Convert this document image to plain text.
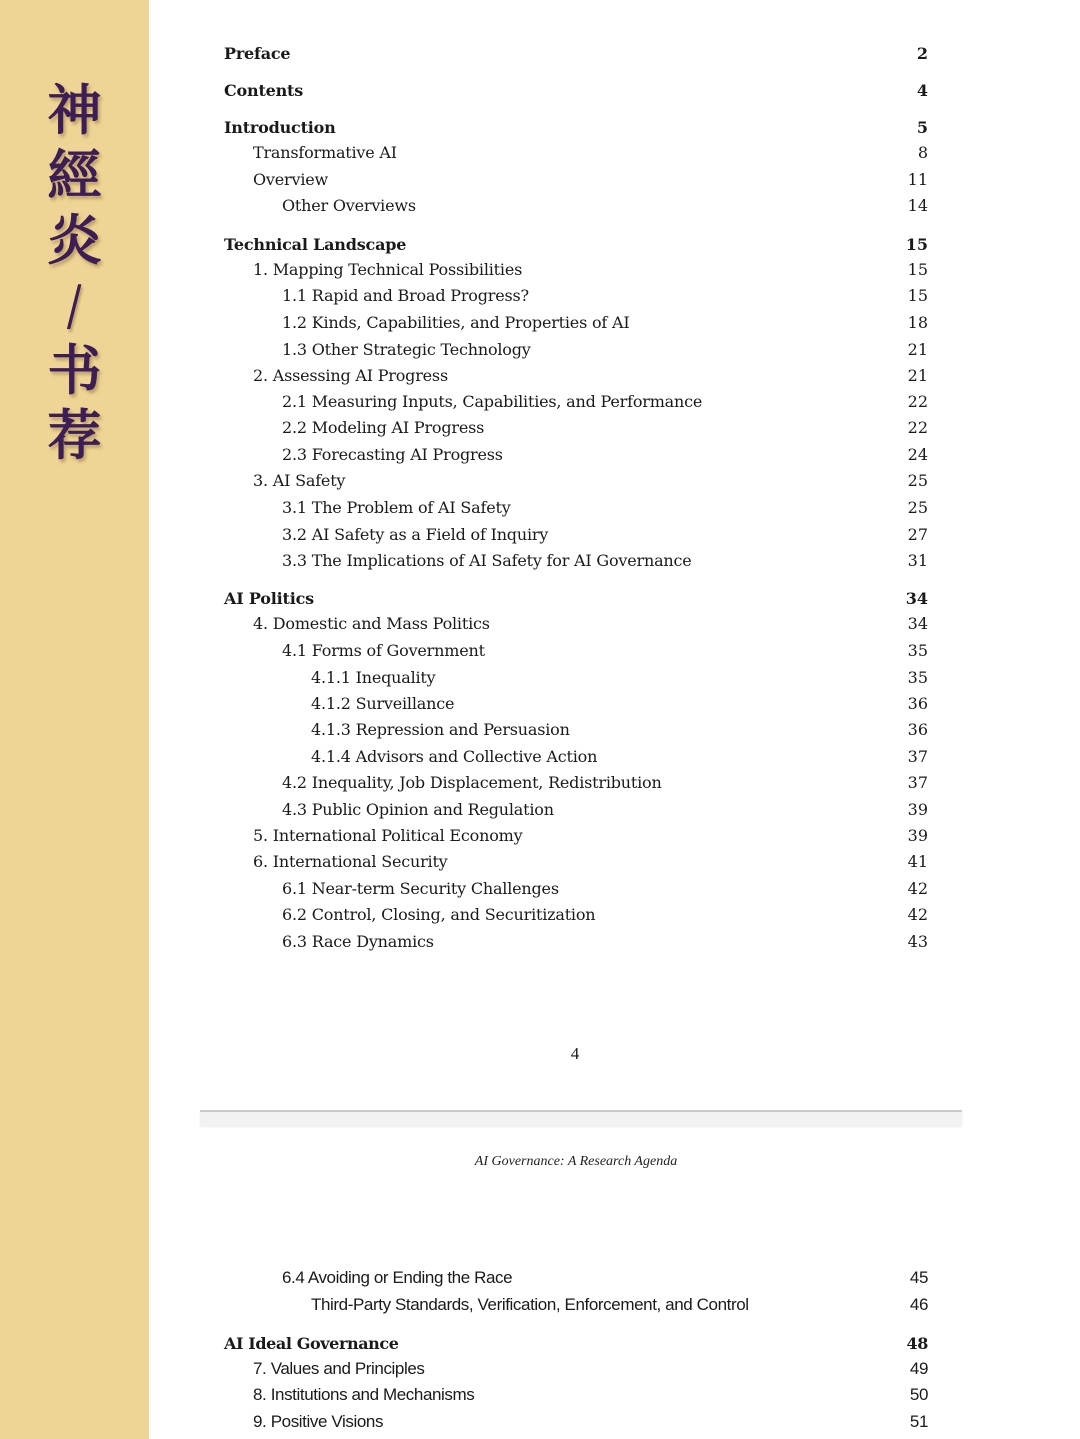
神
經
炎
/
书
荐
Preface	2
Contents	4
Introduction	5
Transformative AI	8
Overview	11
Other Overviews	14
Technical Landscape	15
1. Mapping Technical Possibilities	15
1.1 Rapid and Broad Progress?	15
1.2 Kinds, Capabilities, and Properties of AI	18
1.3 Other Strategic Technology	21
2. Assessing AI Progress	21
2.1 Measuring Inputs, Capabilities, and Performance	22
2.2 Modeling AI Progress	22
2.3 Forecasting AI Progress	24
3. AI Safety	25
3.1 The Problem of AI Safety	25
3.2 AI Safety as a Field of Inquiry	27
3.3 The Implications of AI Safety for AI Governance	31
AI Politics	34
4. Domestic and Mass Politics	34
4.1 Forms of Government	35
4.1.1 Inequality	35
4.1.2 Surveillance	36
4.1.3 Repression and Persuasion	36
4.1.4 Advisors and Collective Action	37
4.2 Inequality, Job Displacement, Redistribution	37
4.3 Public Opinion and Regulation	39
5. International Political Economy	39
6. International Security	41
6.1 Near-term Security Challenges	42
6.2 Control, Closing, and Securitization	42
6.3 Race Dynamics	43
4
AI Governance: A Research Agenda
6.4 Avoiding or Ending the Race	45
Third-Party Standards, Verification, Enforcement, and Control	46
AI Ideal Governance	48
7. Values and Principles	49
8. Institutions and Mechanisms	50
9. Positive Visions	51
